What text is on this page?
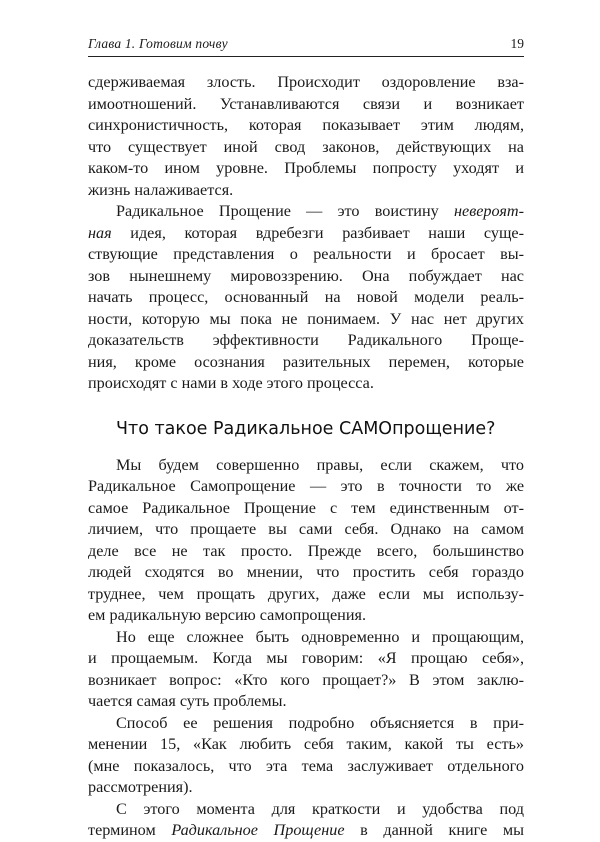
Глава 1. Готовим почву	19
сдерживаемая злость. Происходит оздоровление вза-
имоотношений. Устанавливаются связи и возникает
синхронистичность, которая показывает этим людям,
что существует иной свод законов, действующих на
каком-то ином уровне. Проблемы попросту уходят и
жизнь налаживается.
Радикальное Прощение — это воистину невероят-
ная идея, которая вдребезги разбивает наши суще-
ствующие представления о реальности и бросает вы-
зов нынешнему мировоззрению. Она побуждает нас
начать процесс, основанный на новой модели реаль-
ности, которую мы пока не понимаем. У нас нет других
доказательств эффективности Радикального Проще-
ния, кроме осознания разительных перемен, которые
происходят с нами в ходе этого процесса.
Что такое Радикальное САМОпрощение?
Мы будем совершенно правы, если скажем, что
Радикальное Самопрощение — это в точности то же
самое Радикальное Прощение с тем единственным от-
личием, что прощаете вы сами себя. Однако на самом
деле все не так просто. Прежде всего, большинство
людей сходятся во мнении, что простить себя гораздо
труднее, чем прощать других, даже если мы использу-
ем радикальную версию самопрощения.
Но еще сложнее быть одновременно и прощающим,
и прощаемым. Когда мы говорим: «Я прощаю себя»,
возникает вопрос: «Кто кого прощает?» В этом заклю-
чается самая суть проблемы.
Способ ее решения подробно объясняется в при-
менении 15, «Как любить себя таким, какой ты есть»
(мне показалось, что эта тема заслуживает отдельного
рассмотрения).
С этого момента для краткости и удобства под
термином Радикальное Прощение в данной книге мы
